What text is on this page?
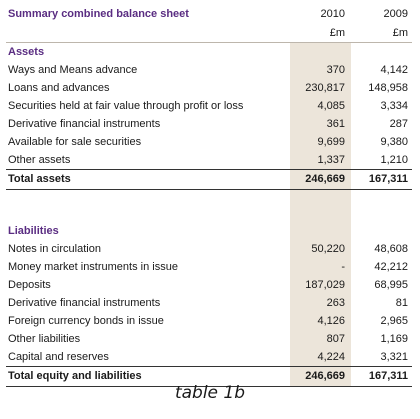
Summary combined balance sheet	2010	2009
£m	£m
Assets
Ways and Means advance	370	4,142
Loans and advances	230,817	148,958
Securities held at fair value through profit or loss	4,085	3,334
Derivative financial instruments	361	287
Available for sale securities	9,699	9,380
Other assets	1,337	1,210
Total assets	246,669	167,311
Liabilities
Notes in circulation	50,220	48,608
Money market instruments in issue	-	42,212
Deposits	187,029	68,995
Derivative financial instruments	263	81
Foreign currency bonds in issue	4,126	2,965
Other liabilities	807	1,169
Capital and reserves	4,224	3,321
Total equity and liabilities	246,669	167,311
table 1b
